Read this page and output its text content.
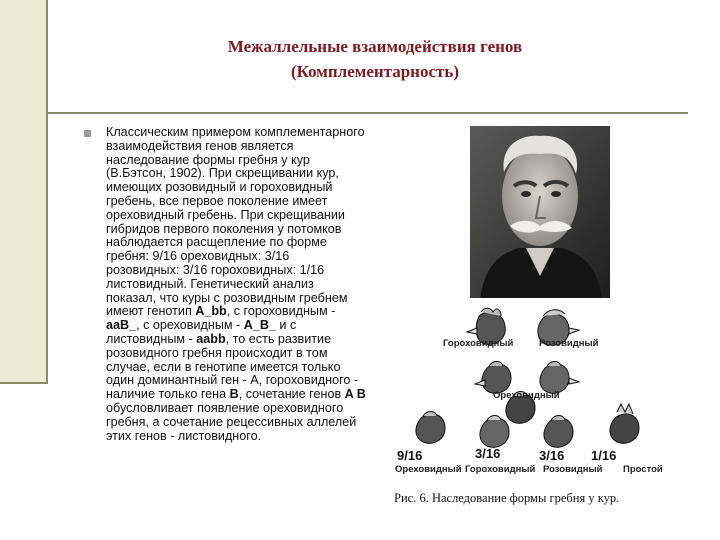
Межаллельные взаимодействия генов
(Комплементарность)

Классическим примером комплементарного взаимодействия генов является наследование формы гребня у кур (В.Бэтсон, 1902). При скрещивании кур, имеющих розовидный и гороховидный гребень, все первое поколение имеет ореховидный гребень. При скрещивании гибридов первого поколения у потомков наблюдается расщепление по форме гребня: 9/16 ореховидных: 3/16 розовидных: 3/16 гороховидных: 1/16 листовидный. Генетический анализ показал, что куры с розовидным гребнем имеют генотип A_bb, с гороховидным - aaB_, с ореховидным - A_B_ и с листовидным - aabb, то есть развитие розовидного гребня происходит в том случае, если в генотипе имеется только один доминантный ген - А, гороховидного - наличие только гена B, сочетание генов A B обусловливает появление ореховидного гребня, а сочетание рецессивных аллелей этих генов - листовидного.

Гороховидный	Розовидный
Ореховидный
9/16	3/16	3/16 1/16
Ореховидный Гороховидный Розовидный Простой
Рис. 6. Наследование формы гребня у кур.
